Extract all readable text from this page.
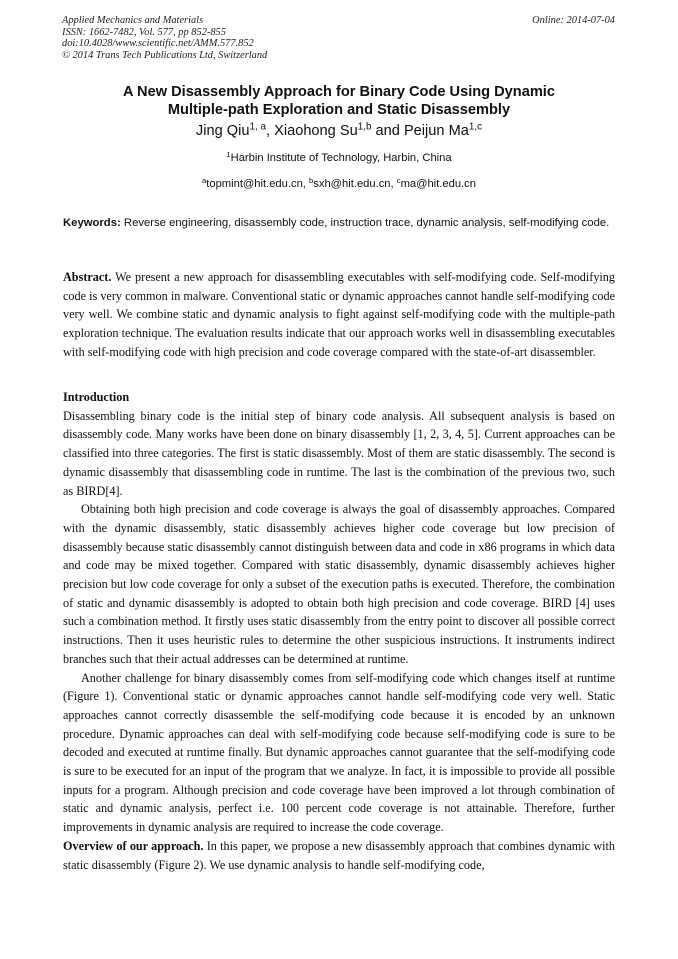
Applied Mechanics and Materials
ISSN: 1662-7482, Vol. 577, pp 852-855
doi:10.4028/www.scientific.net/AMM.577.852
© 2014 Trans Tech Publications Ltd, Switzerland
Online: 2014-07-04
A New Disassembly Approach for Binary Code Using Dynamic
Multiple-path Exploration and Static Disassembly
Jing Qiu$^{1, a}$, Xiaohong Su$^{1,b}$ and Peijun Ma$^{1,c}$
$^1$Harbin Institute of Technology, Harbin, China
$^a$topmint@hit.edu.cn, $^b$sxh@hit.edu.cn, $^c$ma@hit.edu.cn
Keywords: Reverse engineering, disassembly code, instruction trace, dynamic analysis, self-modifying code.

Abstract. We present a new approach for disassembling executables with self-modifying code. Self-modifying code is very common in malware. Conventional static or dynamic approaches cannot handle self-modifying code very well. We combine static and dynamic analysis to fight against self-modifying code with the multiple-path exploration technique. The evaluation results indicate that our approach works well in disassembling executables with self-modifying code with high precision and code coverage compared with the state-of-art disassembler.

Introduction

Disassembling binary code is the initial step of binary code analysis. All subsequent analysis is based on disassembly code. Many works have been done on binary disassembly [1, 2, 3, 4, 5]. Current approaches can be classified into three categories. The first is static disassembly. Most of them are static disassembly. The second is dynamic disassembly that disassembling code in runtime. The last is the combination of the previous two, such as BIRD[4].

Obtaining both high precision and code coverage is always the goal of disassembly approaches. Compared with the dynamic disassembly, static disassembly achieves higher code coverage but low precision of disassembly because static disassembly cannot distinguish between data and code in x86 programs in which data and code may be mixed together. Compared with static disassembly, dynamic disassembly achieves higher precision but low code coverage for only a subset of the execution paths is executed. Therefore, the combination of static and dynamic disassembly is adopted to obtain both high precision and code coverage. BIRD [4] uses such a combination method. It firstly uses static disassembly from the entry point to discover all possible correct instructions. Then it uses heuristic rules to determine the other suspicious instructions. It instruments indirect branches such that their actual addresses can be determined at runtime.

Another challenge for binary disassembly comes from self-modifying code which changes itself at runtime (Figure 1). Conventional static or dynamic approaches cannot handle self-modifying code very well. Static approaches cannot correctly disassemble the self-modifying code because it is encoded by an unknown procedure. Dynamic approaches can deal with self-modifying code because self-modifying code is sure to be decoded and executed at runtime finally. But dynamic approaches cannot guarantee that the self-modifying code is sure to be executed for an input of the program that we analyze. In fact, it is impossible to provide all possible inputs for a program. Although precision and code coverage have been improved a lot through combination of static and dynamic analysis, perfect i.e. 100 percent code coverage is not attainable. Therefore, further improvements in dynamic analysis are required to increase the code coverage.

Overview of our approach. In this paper, we propose a new disassembly approach that combines dynamic with static disassembly (Figure 2). We use dynamic analysis to handle self-modifying code,
